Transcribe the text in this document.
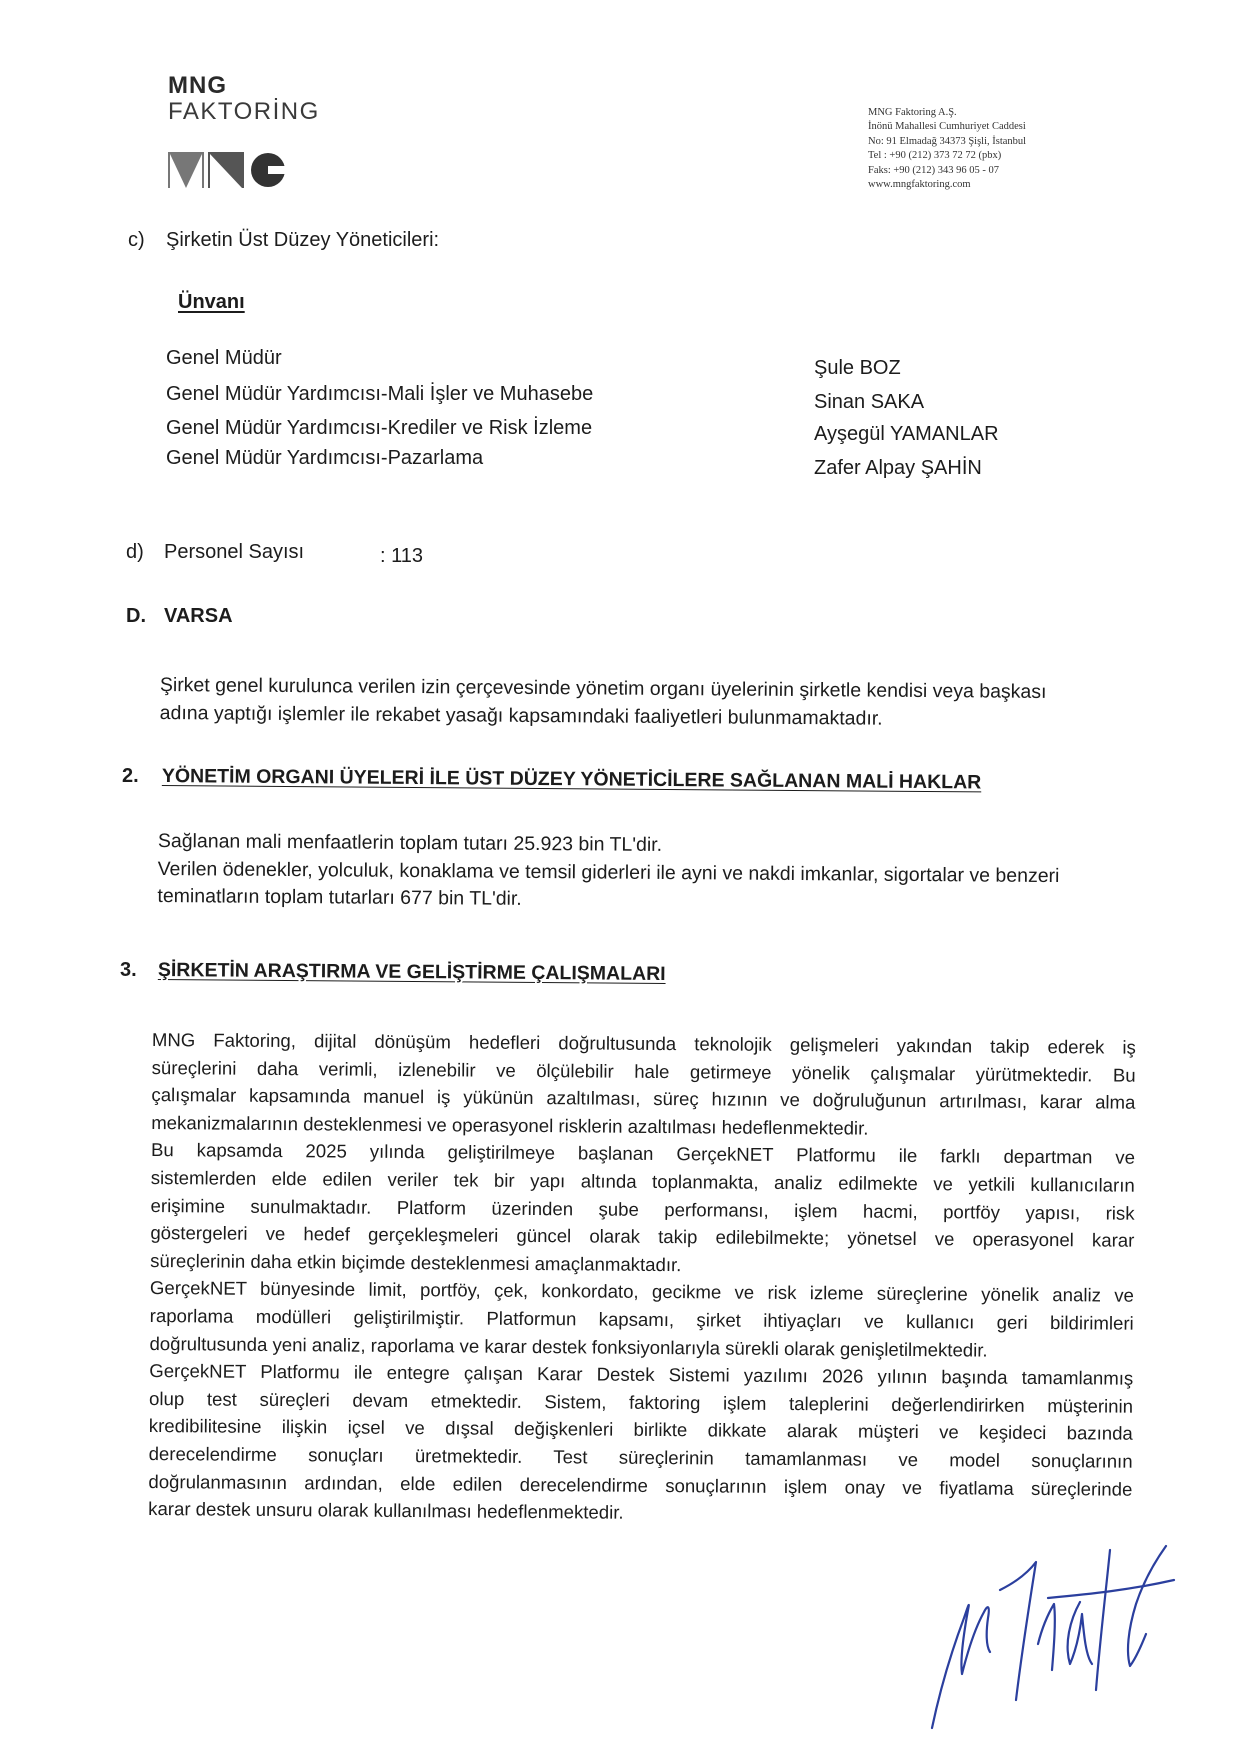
MNG
FAKTORİNG	MNG Faktoring A.Ş.
İnönü Mahallesi Cumhuriyet Caddesi
No: 91 Elmadağ 34373 Şişli, İstanbul
Tel : +90 (212) 373 72 72 (pbx)
Faks: +90 (212) 343 96 05 - 07
www.mngfaktoring.com
c) Şirketin Üst Düzey Yöneticileri:
Ünvanı
Genel Müdür
Genel Müdür Yardımcısı-Mali İşler ve Muhasebe
Genel Müdür Yardımcısı-Krediler ve Risk İzleme
Genel Müdür Yardımcısı-Pazarlama
Şule BOZ
Sinan SAKA
Ayşegül YAMANLAR
Zafer Alpay ŞAHİN
d) Personel Sayısı	: 113
D. VARSA
Şirket genel kurulunca verilen izin çerçevesinde yönetim organı üyelerinin şirketle kendisi veya başkası
adına yaptığı işlemler ile rekabet yasağı kapsamındaki faaliyetleri bulunmamaktadır.
2. YÖNETİM ORGANI ÜYELERİ İLE ÜST DÜZEY YÖNETİCİLERE SAĞLANAN MALİ HAKLAR
Sağlanan mali menfaatlerin toplam tutarı 25.923 bin TL'dir.
Verilen ödenekler, yolculuk, konaklama ve temsil giderleri ile ayni ve nakdi imkanlar, sigortalar ve benzeri
teminatların toplam tutarları 677 bin TL'dir.
3. ŞİRKETİN ARAŞTIRMA VE GELİŞTİRME ÇALIŞMALARI
MNG Faktoring, dijital dönüşüm hedefleri doğrultusunda teknolojik gelişmeleri yakından takip ederek iş
süreçlerini daha verimli, izlenebilir ve ölçülebilir hale getirmeye yönelik çalışmalar yürütmektedir. Bu
çalışmalar kapsamında manuel iş yükünün azaltılması, süreç hızının ve doğruluğunun artırılması, karar alma
mekanizmalarının desteklenmesi ve operasyonel risklerin azaltılması hedeflenmektedir.
Bu kapsamda 2025 yılında geliştirilmeye başlanan GerçekNET Platformu ile farklı departman ve
sistemlerden elde edilen veriler tek bir yapı altında toplanmakta, analiz edilmekte ve yetkili kullanıcıların
erişimine sunulmaktadır. Platform üzerinden şube performansı, işlem hacmi, portföy yapısı, risk
göstergeleri ve hedef gerçekleşmeleri güncel olarak takip edilebilmekte; yönetsel ve operasyonel karar
süreçlerinin daha etkin biçimde desteklenmesi amaçlanmaktadır.
GerçekNET bünyesinde limit, portföy, çek, konkordato, gecikme ve risk izleme süreçlerine yönelik analiz ve
raporlama modülleri geliştirilmiştir. Platformun kapsamı, şirket ihtiyaçları ve kullanıcı geri bildirimleri
doğrultusunda yeni analiz, raporlama ve karar destek fonksiyonlarıyla sürekli olarak genişletilmektedir.
GerçekNET Platformu ile entegre çalışan Karar Destek Sistemi yazılımı 2026 yılının başında tamamlanmış
olup test süreçleri devam etmektedir. Sistem, faktoring işlem taleplerini değerlendirirken müşterinin
kredibilitesine ilişkin içsel ve dışsal değişkenleri birlikte dikkate alarak müşteri ve keşideci bazında
derecelendirme sonuçları üretmektedir. Test süreçlerinin tamamlanması ve model sonuçlarının
doğrulanmasının ardından, elde edilen derecelendirme sonuçlarının işlem onay ve fiyatlama süreçlerinde
karar destek unsuru olarak kullanılması hedeflenmektedir.
